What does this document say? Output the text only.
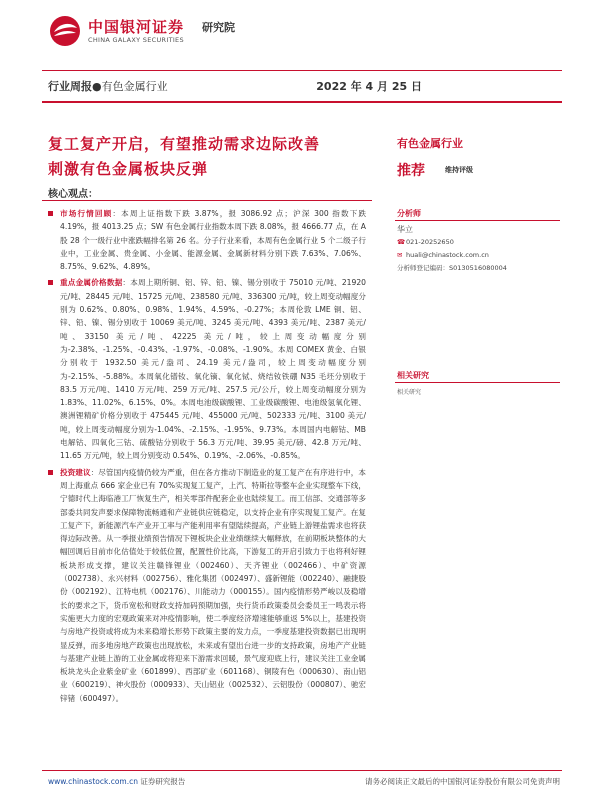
中国银河证券
CHINA GALAXY SECURITIES
研究院
行业周报●有色金属行业	2022 年 4 月 25 日
复工复产开启，有望推动需求边际改善
刺激有色金属板块反弹
核心观点：

市场行情回顾：本周上证指数下跌 3.87%，报 3086.92 点；沪深 300 指数下跌 4.19%，报 4013.25 点；SW 有色金属行业指数本周下跌 8.08%，报 4666.77 点，在 A 股 28 个一级行业中涨跌幅排名第 26 名。分子行业来看，本周有色金属行业 5 个二级子行业中，工业金属、贵金属、小金属、能源金属、金属新材料分别下跌 7.63%、7.06%、8.75%、9.62%、4.89%。

重点金属价格数据：本周上期所铜、铝、锌、铅、镍、锡分别收于 75010 元/吨、21920 元/吨、28445 元/吨、15725 元/吨、238580 元/吨、336300 元/吨，较上周变动幅度分别为 0.62%、0.80%、0.98%、1.94%、4.59%、-0.27%；本周伦敦 LME 铜、铝、锌、铅、镍、锡分别收于 10069 美元/吨、3245 美元/吨、4393 美元/吨、2387 美元/吨、33150 美元/吨、42225 美元/吨，较上周变动幅度分别为-2.38%、-1.25%、-0.43%、-1.97%、-0.08%、-1.90%。本周 COMEX 黄金、白银分别收于 1932.50 美元/盎司、24.19 美元/盎司，较上周变动幅度分别为-2.15%、-5.88%。本周氧化镨钕、氧化镝、氧化铽、烧结钕铁硼 N35 毛坯分别收于 83.5 万元/吨、1410 万元/吨、259 万元/吨、257.5 元/公斤，较上周变动幅度分别为 1.83%、11.02%、6.15%、0%。本周电池级碳酸锂、工业级碳酸锂、电池级氢氧化锂、澳洲锂精矿价格分别收于 475445 元/吨、455000 元/吨、502333 元/吨、3100 美元/吨，较上周变动幅度分别为-1.04%、-2.15%、-1.95%、9.73%。本周国内电解钴、MB 电解钴、四氧化三钴、硫酸钴分别收于 56.3 万元/吨、39.95 美元/磅、42.8 万元/吨、11.65 万元/吨，较上周分别变动 0.54%、0.19%、-2.06%、-0.85%。

投资建议：尽管国内疫情仍较为严重，但在各方推动下制造业的复工复产在有序进行中，本周上海重点 666 家企业已有 70%实现复工复产，上汽、特斯拉等整车企业实现整车下线，宁德时代上海临港工厂恢复生产，相关零部件配套企业也陆续复工。而工信部、交通部等多部委共同发声要求保障物流畅通和产业链供应链稳定，以支持企业有序实现复工复产。在复工复产下，新能源汽车产业开工率与产能利用率有望陆续提高，产业链上游锂盐需求也将获得边际改善。从一季报业绩预告情况下锂板块企业业绩继续大幅释放，在前期板块整体的大幅回调后目前市化估值处于较低位置，配置性价比高，下游复工的开启引致力于也将利好锂板块形成支撑，建议关注赣锋锂业（002460）、天齐锂业（002466）、中矿资源（002738）、永兴材料（002756）、雅化集团（002497）、盛新锂能（002240）、融捷股份（002192）、江特电机（002176）、川能动力（000155）。国内疫情形势严峻以及稳增长的要求之下，货币宽松和财政支持加码预期加强，央行货币政策委员会委员王一鸣表示将实施更大力度的宏观政策来对冲疫情影响，使二季度经济增速能够重返 5%以上，基建投资与房地产投资或将成为未来稳增长形势下政策主要的发力点，一季度基建投资数据已出现明显反弹，而多地房地产政策也出现放松，未来或有望出台进一步的支持政策，房地产产业链与基建产业链上游的工业金属或将迎来下游需求回暖，景气度迎底上行，建议关注工业金属板块龙头企业紫金矿业（601899）、西部矿业（601168）、铜陵有色（000630）、南山铝业（600219）、神火股份（000933）、天山铝业（002532）、云铝股份（000807）、驰宏锌锗（600497）。

有色金属行业
推荐	维持评级
分析师
华立
☎021-20252650
✉ huali@chinastock.com.cn
分析师登记编码：S0130516080004
相关研究
相关研究
www.chinastock.com.cn 证券研究报告	请务必阅读正文最后的中国银河证券股份有限公司免责声明
